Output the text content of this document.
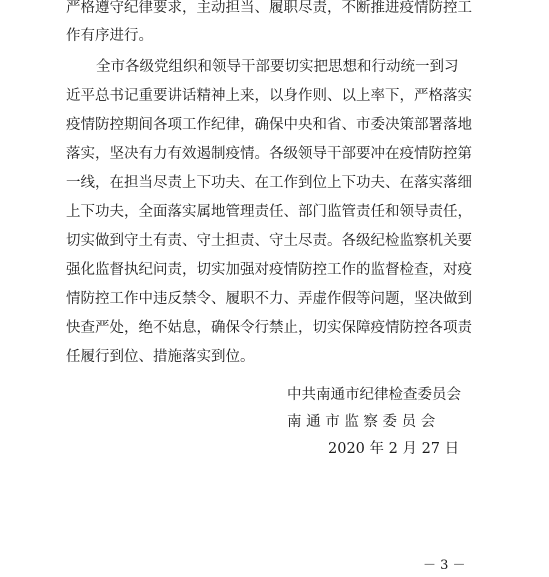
严格遵守纪律要求，主动担当、履职尽责，不断推进疫情防控工
作有序进行。
全市各级党组织和领导干部要切实把思想和行动统一到习
近平总书记重要讲话精神上来，以身作则、以上率下，严格落实
疫情防控期间各项工作纪律，确保中央和省、市委决策部署落地
落实，坚决有力有效遏制疫情。各级领导干部要冲在疫情防控第
一线，在担当尽责上下功夫、在工作到位上下功夫、在落实落细
上下功夫，全面落实属地管理责任、部门监管责任和领导责任，
切实做到守土有责、守土担责、守土尽责。各级纪检监察机关要
强化监督执纪问责，切实加强对疫情防控工作的监督检查，对疫
情防控工作中违反禁令、履职不力、弄虚作假等问题，坚决做到
快查严处，绝不姑息，确保令行禁止，切实保障疫情防控各项责
任履行到位、措施落实到位。
中共南通市纪律检查委员会
南 通 市 监 察 委 员 会
2020 年 2 月 27 日
－ 3 －
